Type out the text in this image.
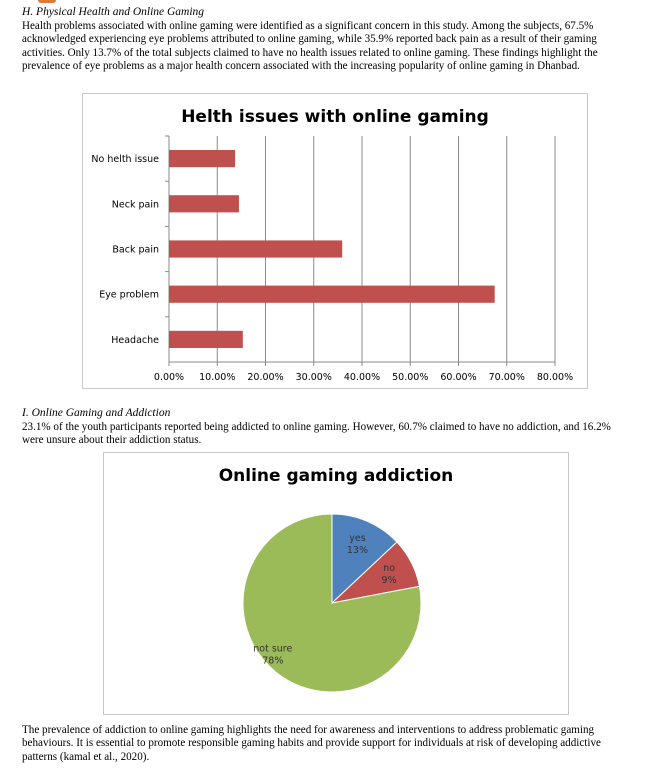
H. Physical Health and Online Gaming
Health problems associated with online gaming were identified as a significant concern in this study. Among the subjects, 67.5%
acknowledged experiencing eye problems attributed to online gaming, while 35.9% reported back pain as a result of their gaming
activities. Only 13.7% of the total subjects claimed to have no health issues related to online gaming. These findings highlight the
prevalence of eye problems as a major health concern associated with the increasing popularity of online gaming in Dhanbad.
Helth issues with online gaming
0.00% 10.00% 20.00% 30.00% 40.00% 50.00% 60.00% 70.00% 80.00%
No helth issue
Neck pain
Back pain
Eye problem
Headache
I. Online Gaming and Addiction
23.1% of the youth participants reported being addicted to online gaming. However, 60.7% claimed to have no addiction, and 16.2%
were unsure about their addiction status.
Online gaming addiction
yes
13%
no
9%
not sure
78%
The prevalence of addiction to online gaming highlights the need for awareness and interventions to address problematic gaming
behaviours. It is essential to promote responsible gaming habits and provide support for individuals at risk of developing addictive
patterns (kamal et al., 2020).
